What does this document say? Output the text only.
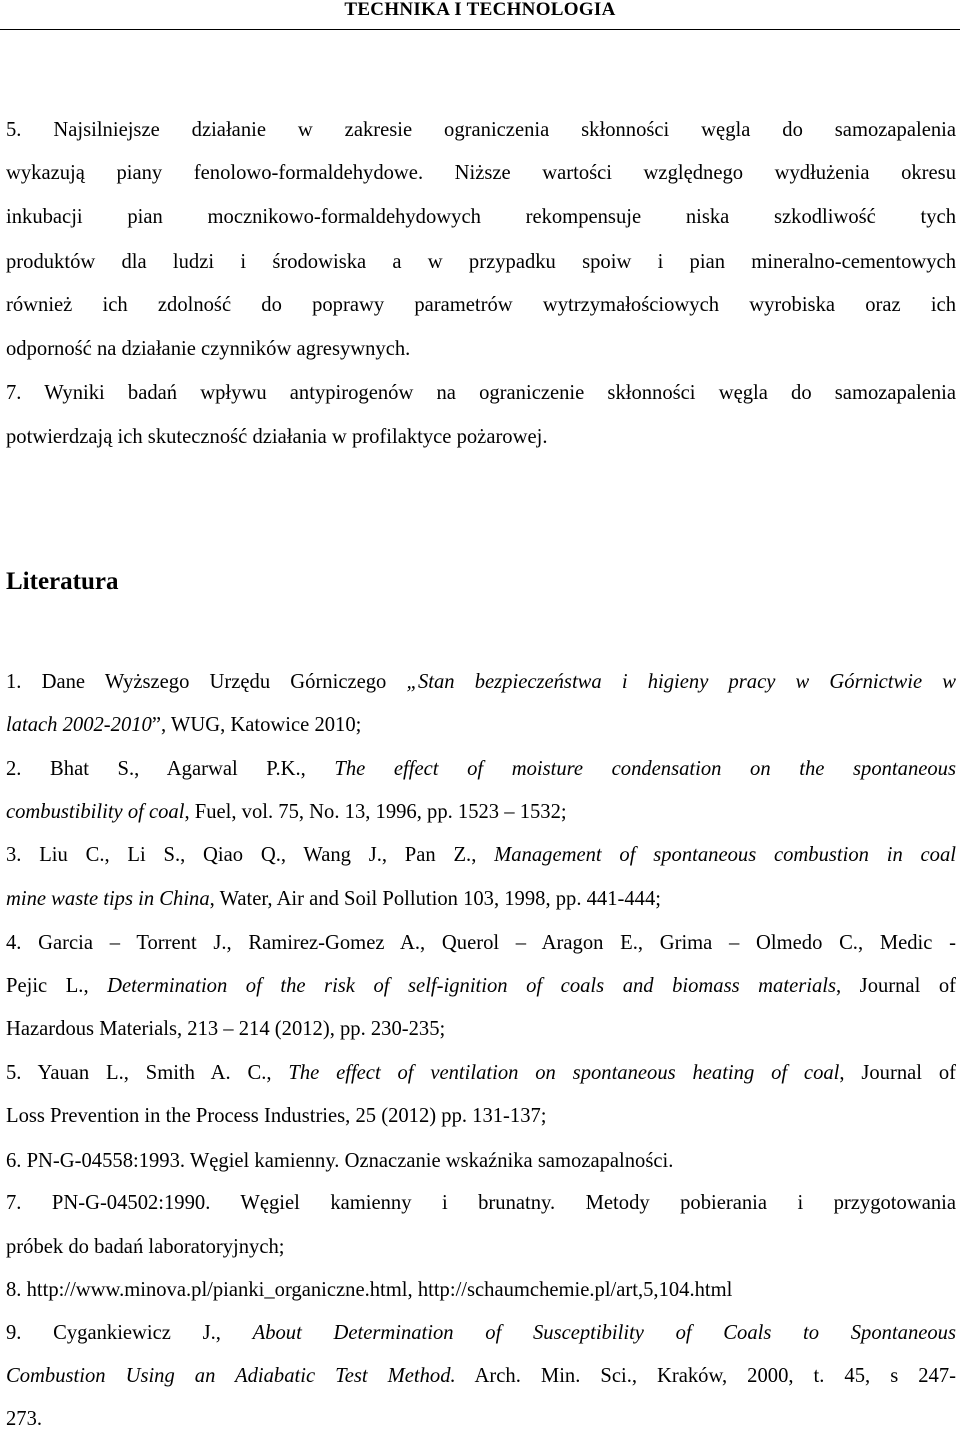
TECHNIKA I TECHNOLOGIA
5. Najsilniejsze działanie w zakresie ograniczenia skłonności węgla do samozapalenia
wykazują piany fenolowo-formaldehydowe. Niższe wartości względnego wydłużenia okresu
inkubacji pian mocznikowo-formaldehydowych rekompensuje niska szkodliwość tych
produktów dla ludzi i środowiska a w przypadku spoiw i pian mineralno-cementowych
również ich zdolność do poprawy parametrów wytrzymałościowych wyrobiska oraz ich
odporność na działanie czynników agresywnych.
7. Wyniki badań wpływu antypirogenów na ograniczenie skłonności węgla do samozapalenia
potwierdzają ich skuteczność działania w profilaktyce pożarowej.
Literatura
1. Dane Wyższego Urzędu Górniczego „Stan bezpieczeństwa i higieny pracy w Górnictwie w
latach 2002-2010”, WUG, Katowice 2010;
2. Bhat S., Agarwal P.K., The effect of moisture condensation on the spontaneous
combustibility of coal, Fuel, vol. 75, No. 13, 1996, pp. 1523 – 1532;
3. Liu C., Li S., Qiao Q., Wang J., Pan Z., Management of spontaneous combustion in coal
mine waste tips in China, Water, Air and Soil Pollution 103, 1998, pp. 441-444;
4. Garcia – Torrent J., Ramirez-Gomez A., Querol – Aragon E., Grima – Olmedo C., Medic -
Pejic L., Determination of the risk of self-ignition of coals and biomass materials, Journal of
Hazardous Materials, 213 – 214 (2012), pp. 230-235;
5. Yauan L., Smith A. C., The effect of ventilation on spontaneous heating of coal, Journal of
Loss Prevention in the Process Industries, 25 (2012) pp. 131-137;
6. PN-G-04558:1993. Węgiel kamienny. Oznaczanie wskaźnika samozapalności.
7. PN-G-04502:1990. Węgiel kamienny i brunatny. Metody pobierania i przygotowania
próbek do badań laboratoryjnych;
8. http://www.minova.pl/pianki_organiczne.html, http://schaumchemie.pl/art,5,104.html
9. Cygankiewicz J., About Determination of Susceptibility of Coals to Spontaneous
Combustion Using an Adiabatic Test Method. Arch. Min. Sci., Kraków, 2000, t. 45, s 247-
273.
